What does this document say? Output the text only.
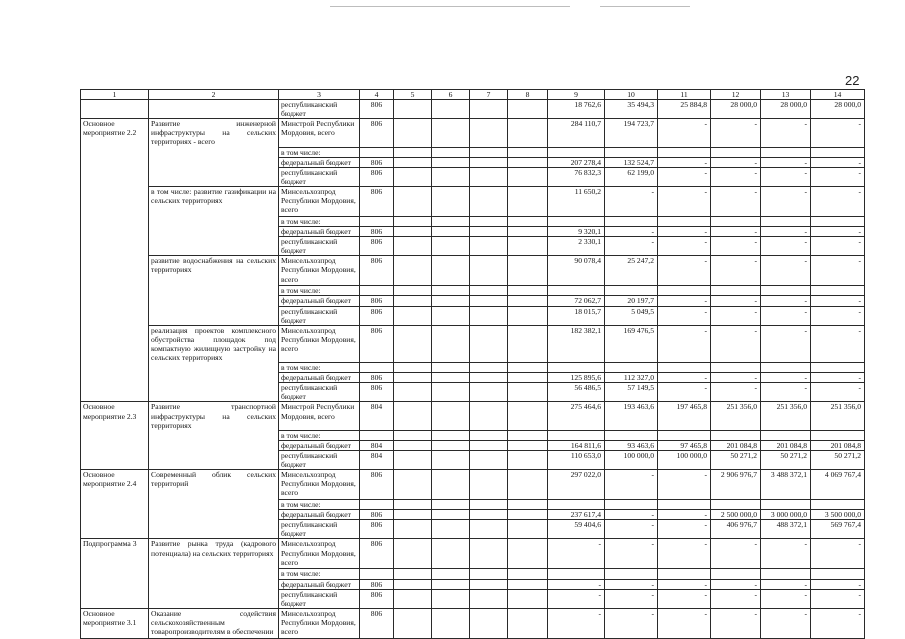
22
1	2	3	4	5	6	7	8	9	10	11	12	13	14
		республиканский бюджет	806					18 762,6	35 494,3	25 884,8	28 000,0	28 000,0	28 000,0
Основное мероприятие 2.2	Развитие инженерной инфраструктуры на сельских территориях - всего	Минстрой Республики Мордовия, всего	806					284 110,7	194 723,7	-	-	-	-
		в том числе:											
		федеральный бюджет	806					207 278,4	132 524,7	-	-	-	-
		республиканский бюджет	806					76 832,3	62 199,0	-	-	-	-
	в том числе: развитие газификации на сельских территориях	Минсельхозпрод Республики Мордовия, всего	806					11 650,2	-	-	-	-	-
		в том числе:											
		федеральный бюджет	806					9 320,1	-	-	-	-	-
		республиканский бюджет	806					2 330,1	-	-	-	-	-
	развитие водоснабжения на сельских территориях	Минсельхозпрод Республики Мордовия, всего	806					90 078,4	25 247,2	-	-	-	-
		в том числе:											
		федеральный бюджет	806					72 062,7	20 197,7	-	-	-	-
		республиканский бюджет	806					18 015,7	5 049,5	-	-	-	-
	реализация проектов комплексного обустройства площадок под компактную жилищную застройку на сельских территориях	Минсельхозпрод Республики Мордовия, всего	806					182 382,1	169 476,5	-	-	-	-
		в том числе:											
		федеральный бюджет	806					125 895,6	112 327,0	-	-	-	-
		республиканский бюджет	806					56 486,5	57 149,5	-	-	-	-
Основное мероприятие 2.3	Развитие транспортной инфраструктуры на сельских территориях	Минстрой Республики Мордовия, всего	804					275 464,6	193 463,6	197 465,8	251 356,0	251 356,0	251 356,0
		в том числе:											
		федеральный бюджет	804					164 811,6	93 463,6	97 465,8	201 084,8	201 084,8	201 084,8
		республиканский бюджет	804					110 653,0	100 000,0	100 000,0	50 271,2	50 271,2	50 271,2
Основное мероприятие 2.4	Современный облик сельских территорий	Минсельхозпрод Республики Мордовия, всего	806					297 022,0	-	-	2 906 976,7	3 488 372,1	4 069 767,4
		в том числе:											
		федеральный бюджет	806					237 617,4	-	-	2 500 000,0	3 000 000,0	3 500 000,0
		республиканский бюджет	806					59 404,6	-	-	406 976,7	488 372,1	569 767,4
Подпрограмма 3	Развитие рынка труда (кадрового потенциала) на сельских территориях	Минсельхозпрод Республики Мордовия, всего	806					-	-	-	-	-	-
		в том числе:											
		федеральный бюджет	806					-	-	-	-	-	-
		республиканский бюджет	806					-	-	-	-	-	-
Основное мероприятие 3.1	Оказание содействия сельскохозяйственным товаропроизводителям в обеспечении	Минсельхозпрод Республики Мордовия, всего	806					-	-	-	-	-	-
